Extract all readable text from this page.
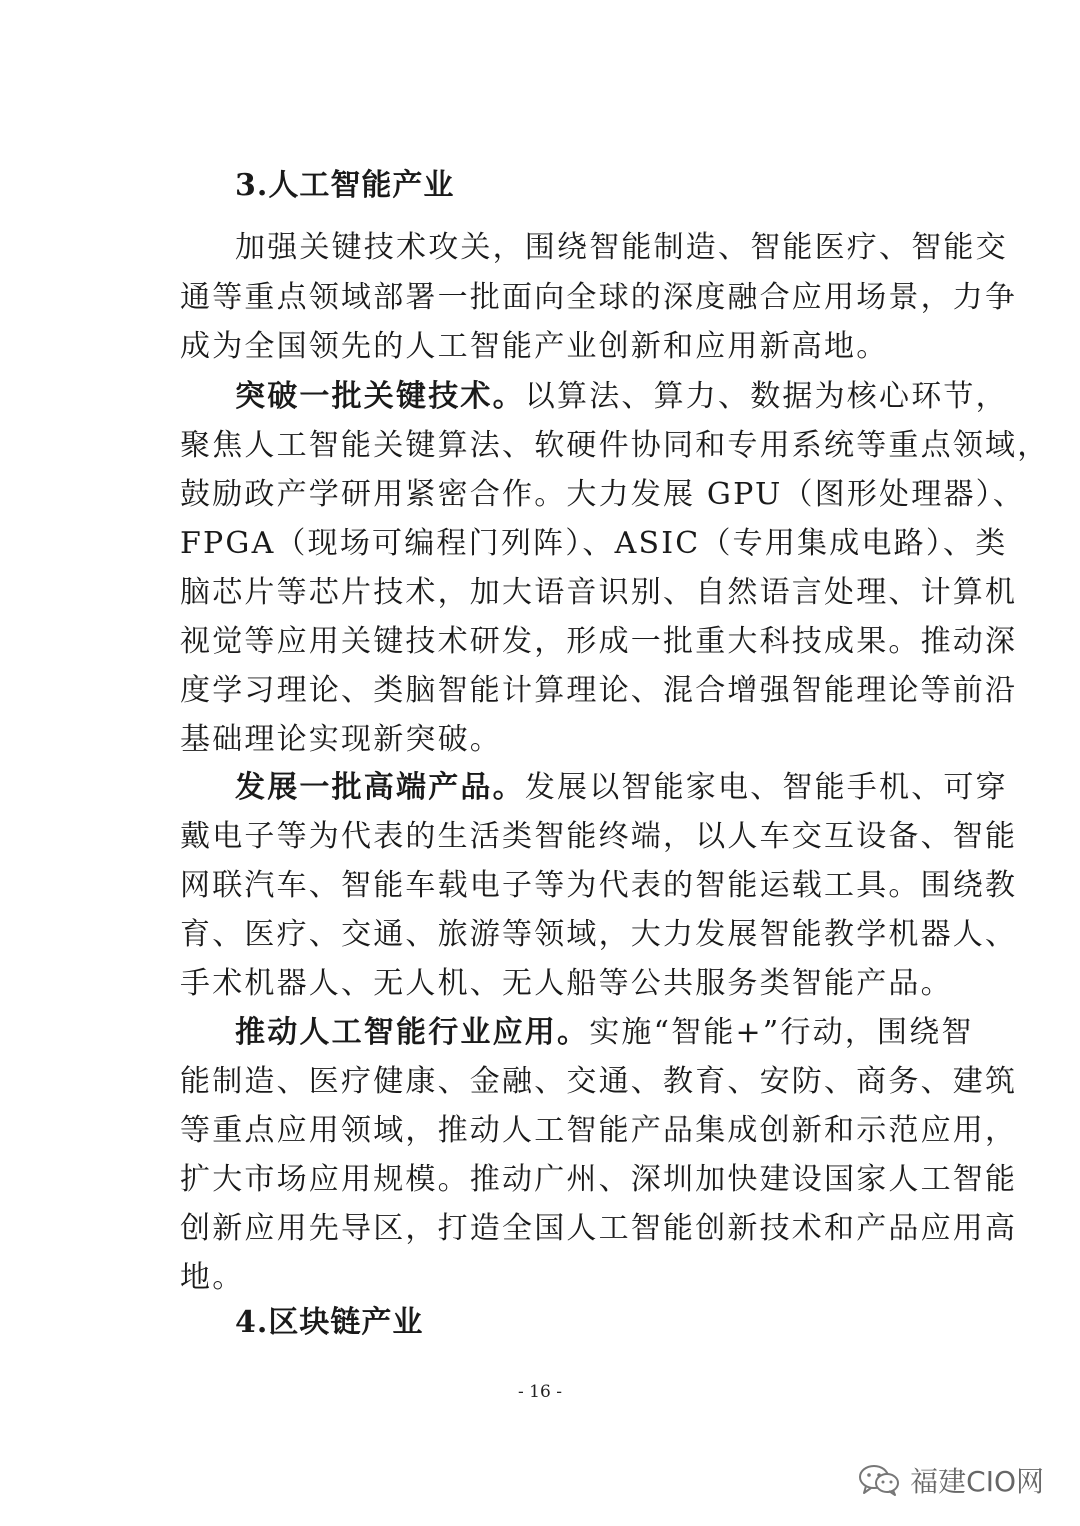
3.人工智能产业
加强关键技术攻关，围绕智能制造、智能医疗、智能交
通等重点领域部署一批面向全球的深度融合应用场景，力争
成为全国领先的人工智能产业创新和应用新高地。
突破一批关键技术。以算法、算力、数据为核心环节，
聚焦人工智能关键算法、软硬件协同和专用系统等重点领域，
鼓励政产学研用紧密合作。大力发展 GPU（图形处理器）、
FPGA（现场可编程门列阵）、ASIC（专用集成电路）、类
脑芯片等芯片技术，加大语音识别、自然语言处理、计算机
视觉等应用关键技术研发，形成一批重大科技成果。推动深
度学习理论、类脑智能计算理论、混合增强智能理论等前沿
基础理论实现新突破。
发展一批高端产品。发展以智能家电、智能手机、可穿
戴电子等为代表的生活类智能终端，以人车交互设备、智能
网联汽车、智能车载电子等为代表的智能运载工具。围绕教
育、医疗、交通、旅游等领域，大力发展智能教学机器人、
手术机器人、无人机、无人船等公共服务类智能产品。
推动人工智能行业应用。实施“智能+”行动，围绕智
能制造、医疗健康、金融、交通、教育、安防、商务、建筑
等重点应用领域，推动人工智能产品集成创新和示范应用，
扩大市场应用规模。推动广州、深圳加快建设国家人工智能
创新应用先导区，打造全国人工智能创新技术和产品应用高
地。
4.区块链产业
- 16 -
福建CIO网
